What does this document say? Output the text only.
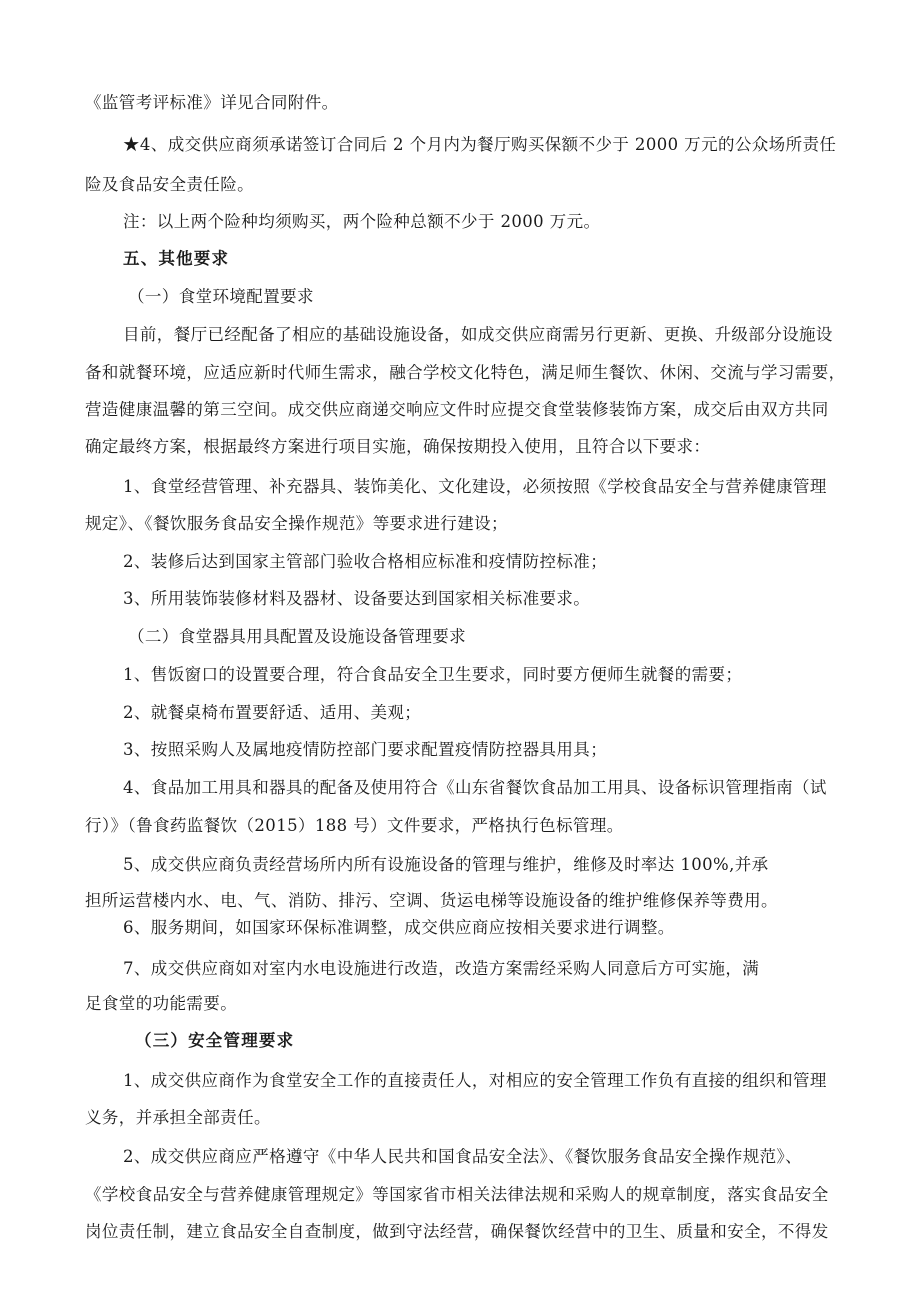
《监管考评标准》详见合同附件。
★4、成交供应商须承诺签订合同后 2 个月内为餐厅购买保额不少于 2000 万元的公众场所责任
险及食品安全责任险。
注：以上两个险种均须购买，两个险种总额不少于 2000 万元。
五、其他要求
（一）食堂环境配置要求
目前，餐厅已经配备了相应的基础设施设备，如成交供应商需另行更新、更换、升级部分设施设
备和就餐环境，应适应新时代师生需求，融合学校文化特色，满足师生餐饮、休闲、交流与学习需要，
营造健康温馨的第三空间。成交供应商递交响应文件时应提交食堂装修装饰方案，成交后由双方共同
确定最终方案，根据最终方案进行项目实施，确保按期投入使用，且符合以下要求：
1、食堂经营管理、补充器具、装饰美化、文化建设，必须按照《学校食品安全与营养健康管理
规定》、《餐饮服务食品安全操作规范》等要求进行建设；
2、装修后达到国家主管部门验收合格相应标准和疫情防控标准；
3、所用装饰装修材料及器材、设备要达到国家相关标准要求。
（二）食堂器具用具配置及设施设备管理要求
1、售饭窗口的设置要合理，符合食品安全卫生要求，同时要方便师生就餐的需要；
2、就餐桌椅布置要舒适、适用、美观；
3、按照采购人及属地疫情防控部门要求配置疫情防控器具用具；
4、食品加工用具和器具的配备及使用符合《山东省餐饮食品加工用具、设备标识管理指南（试
行）》（鲁食药监餐饮（2015）188 号）文件要求，严格执行色标管理。
5、成交供应商负责经营场所内所有设施设备的管理与维护，维修及时率达 100%,并承
担所运营楼内水、电、气、消防、排污、空调、货运电梯等设施设备的维护维修保养等费用。
6、服务期间，如国家环保标准调整，成交供应商应按相关要求进行调整。
7、成交供应商如对室内水电设施进行改造，改造方案需经采购人同意后方可实施，满
足食堂的功能需要。
（三）安全管理要求
1、成交供应商作为食堂安全工作的直接责任人，对相应的安全管理工作负有直接的组织和管理
义务，并承担全部责任。
2、成交供应商应严格遵守《中华人民共和国食品安全法》、《餐饮服务食品安全操作规范》、
《学校食品安全与营养健康管理规定》等国家省市相关法律法规和采购人的规章制度，落实食品安全
岗位责任制，建立食品安全自查制度，做到守法经营，确保餐饮经营中的卫生、质量和安全，不得发
